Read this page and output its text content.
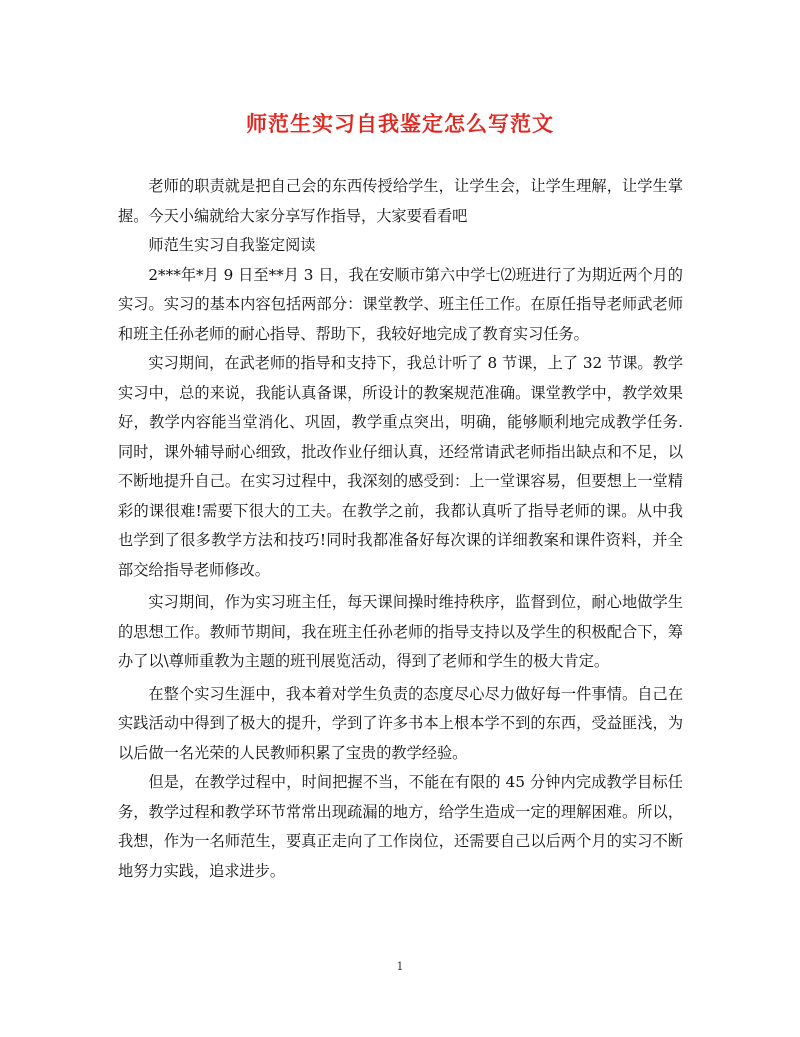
师范生实习自我鉴定怎么写范文

老师的职责就是把自己会的东西传授给学生，让学生会，让学生理解，让学生掌握。今天小编就给大家分享写作指导，大家要看看吧

师范生实习自我鉴定阅读

2***年*月 9 日至**月 3 日，我在安顺市第六中学七⑵班进行了为期近两个月的实习。实习的基本内容包括两部分：课堂教学、班主任工作。在原任指导老师武老师和班主任孙老师的耐心指导、帮助下，我较好地完成了教育实习任务。

实习期间，在武老师的指导和支持下，我总计听了 8 节课，上了 32 节课。教学实习中，总的来说，我能认真备课，所设计的教案规范准确。课堂教学中，教学效果好，教学内容能当堂消化、巩固，教学重点突出，明确，能够顺利地完成教学任务.同时，课外辅导耐心细致，批改作业仔细认真，还经常请武老师指出缺点和不足，以不断地提升自己。在实习过程中，我深刻的感受到：上一堂课容易，但要想上一堂精彩的课很难!需要下很大的工夫。在教学之前，我都认真听了指导老师的课。从中我也学到了很多教学方法和技巧!同时我都准备好每次课的详细教案和课件资料，并全部交给指导老师修改。

实习期间，作为实习班主任，每天课间操时维持秩序，监督到位，耐心地做学生的思想工作。教师节期间，我在班主任孙老师的指导支持以及学生的积极配合下，筹办了以\尊师重教为主题的班刊展览活动，得到了老师和学生的极大肯定。

在整个实习生涯中，我本着对学生负责的态度尽心尽力做好每一件事情。自己在实践活动中得到了极大的提升，学到了许多书本上根本学不到的东西，受益匪浅，为以后做一名光荣的人民教师积累了宝贵的教学经验。

但是，在教学过程中，时间把握不当，不能在有限的 45 分钟内完成教学目标任务，教学过程和教学环节常常出现疏漏的地方，给学生造成一定的理解困难。所以，我想，作为一名师范生，要真正走向了工作岗位，还需要自己以后两个月的实习不断地努力实践，追求进步。

1
